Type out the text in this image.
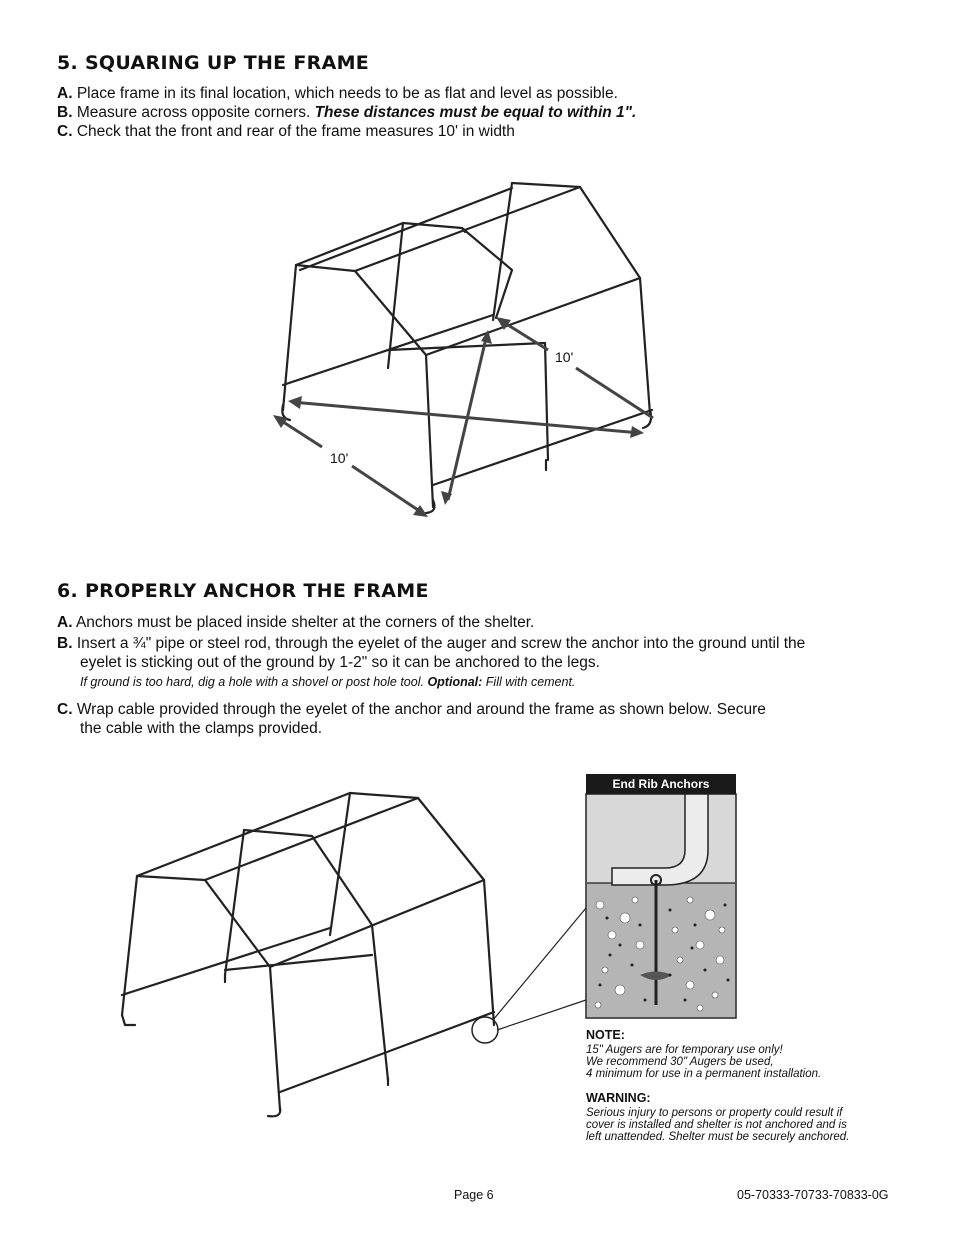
5. SQUARING UP THE FRAME
A. Place frame in its final location, which needs to be as flat and level as possible.
B. Measure across opposite corners. These distances must be equal to within 1".
C. Check that the front and rear of the frame measures 10' in width
10'
10'
6. PROPERLY ANCHOR THE FRAME
A. Anchors must be placed inside shelter at the corners of the shelter.
B. Insert a ¾" pipe or steel rod, through the eyelet of the auger and screw the anchor into the ground until the
eyelet is sticking out of the ground by 1-2" so it can be anchored to the legs.
If ground is too hard, dig a hole with a shovel or post hole tool. Optional: Fill with cement.
C. Wrap cable provided through the eyelet of the anchor and around the frame as shown below. Secure
the cable with the clamps provided.
End Rib Anchors
NOTE:
15" Augers are for temporary use only!
We recommend 30" Augers be used,
4 minimum for use in a permanent installation.
WARNING:
Serious injury to persons or property could result if
cover is installed and shelter is not anchored and is
left unattended. Shelter must be securely anchored.
Page 6	05-70333-70733-70833-0G
